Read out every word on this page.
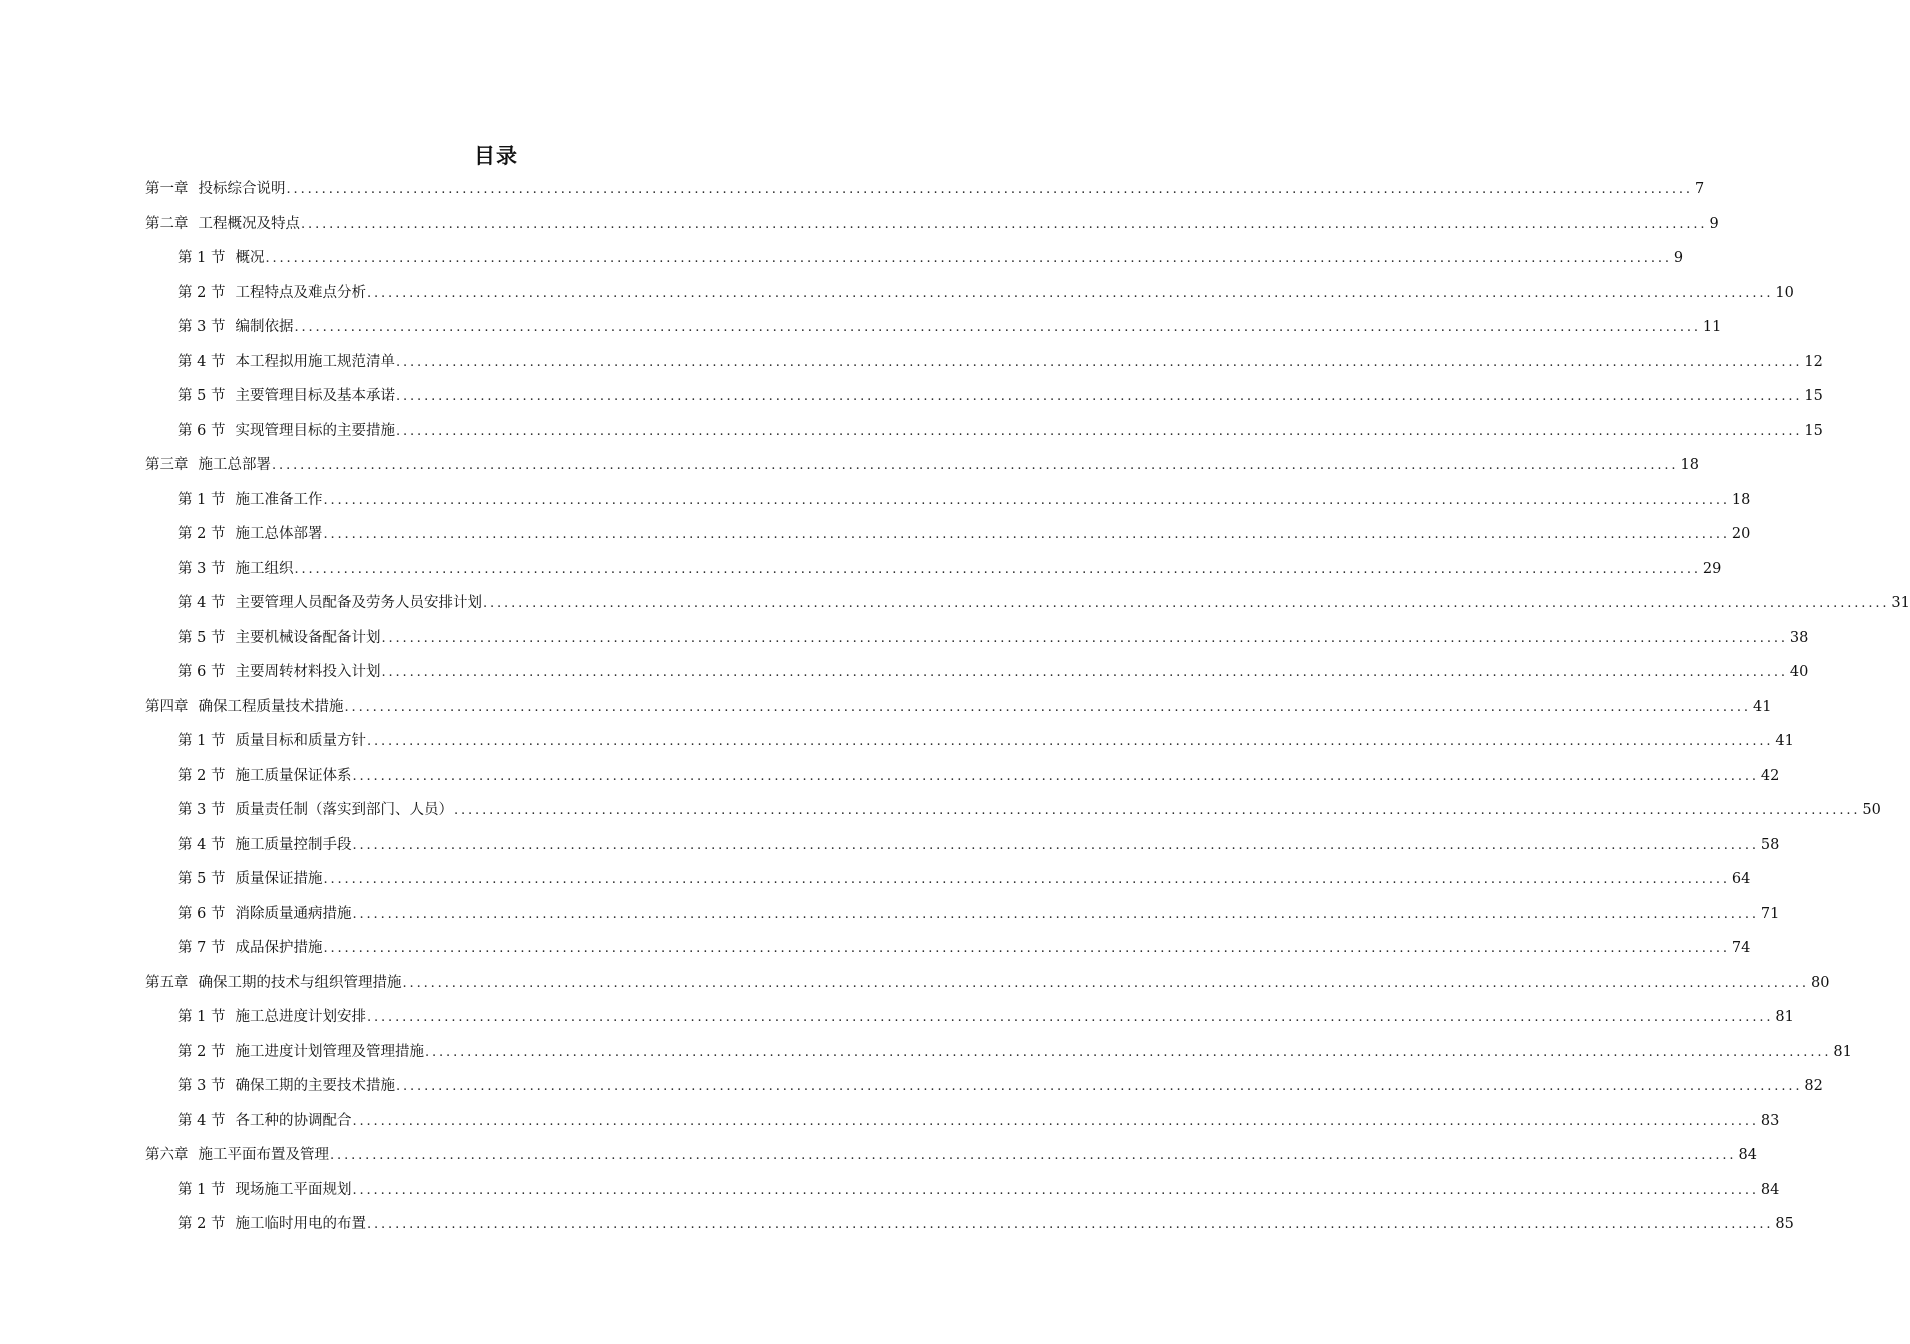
目录
第一章 投标综合说明 ........................................................................................................................................................................................................ 7
第二章 工程概况及特点 ........................................................................................................................................................................................................ 9
第 1 节 概况 ........................................................................................................................................................................................................ 9
第 2 节 工程特点及难点分析 ........................................................................................................................................................................................................ 10
第 3 节 编制依据 ........................................................................................................................................................................................................ 11
第 4 节 本工程拟用施工规范清单 ........................................................................................................................................................................................................ 12
第 5 节 主要管理目标及基本承诺 ........................................................................................................................................................................................................ 15
第 6 节 实现管理目标的主要措施 ........................................................................................................................................................................................................ 15
第三章 施工总部署 ........................................................................................................................................................................................................ 18
第 1 节 施工准备工作 ........................................................................................................................................................................................................ 18
第 2 节 施工总体部署 ........................................................................................................................................................................................................ 20
第 3 节 施工组织 ........................................................................................................................................................................................................ 29
第 4 节 主要管理人员配备及劳务人员安排计划 ........................................................................................................................................................................................................ 31
第 5 节 主要机械设备配备计划 ........................................................................................................................................................................................................ 38
第 6 节 主要周转材料投入计划 ........................................................................................................................................................................................................ 40
第四章 确保工程质量技术措施 ........................................................................................................................................................................................................ 41
第 1 节 质量目标和质量方针 ........................................................................................................................................................................................................ 41
第 2 节 施工质量保证体系 ........................................................................................................................................................................................................ 42
第 3 节 质量责任制（落实到部门、人员） ........................................................................................................................................................................................................ 50
第 4 节 施工质量控制手段 ........................................................................................................................................................................................................ 58
第 5 节 质量保证措施 ........................................................................................................................................................................................................ 64
第 6 节 消除质量通病措施 ........................................................................................................................................................................................................ 71
第 7 节 成品保护措施 ........................................................................................................................................................................................................ 74
第五章 确保工期的技术与组织管理措施 ........................................................................................................................................................................................................ 80
第 1 节 施工总进度计划安排 ........................................................................................................................................................................................................ 81
第 2 节 施工进度计划管理及管理措施 ........................................................................................................................................................................................................ 81
第 3 节 确保工期的主要技术措施 ........................................................................................................................................................................................................ 82
第 4 节 各工种的协调配合 ........................................................................................................................................................................................................ 83
第六章 施工平面布置及管理 ........................................................................................................................................................................................................ 84
第 1 节 现场施工平面规划 ........................................................................................................................................................................................................ 84
第 2 节 施工临时用电的布置 ........................................................................................................................................................................................................ 85
